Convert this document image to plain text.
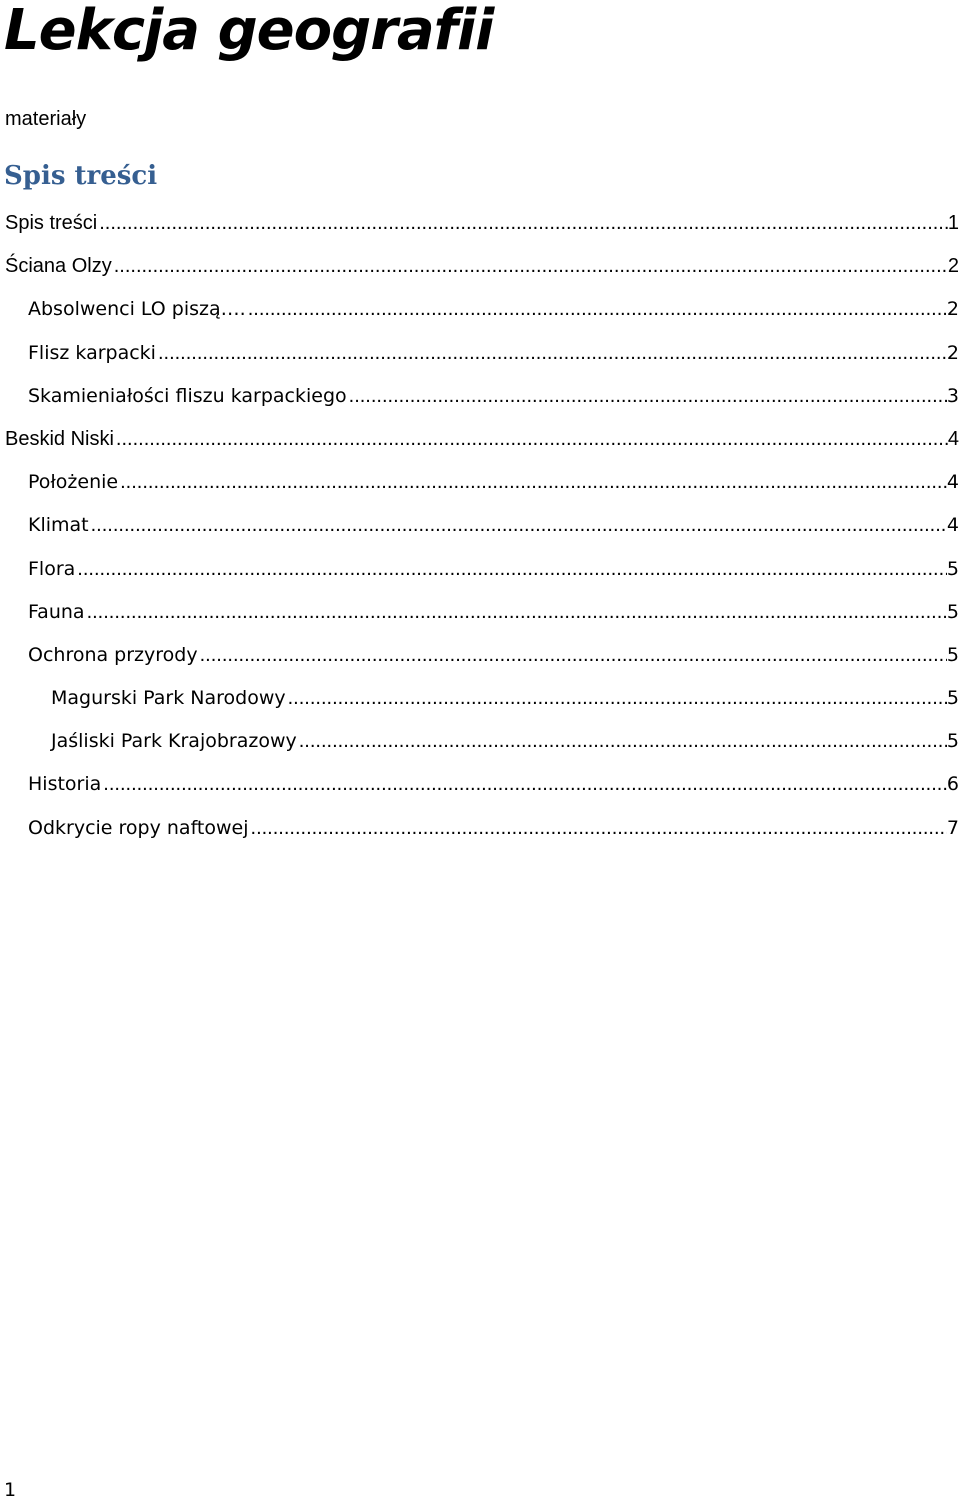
Lekcja geografii

materiały

Spis treści
Spis treści .....	1
Ściana Olzy .....	2
Absolwenci LO piszą…. .....	2
Flisz karpacki .....	2
Skamieniałości fliszu karpackiego .....	3
Beskid Niski .....	4
Położenie .....	4
Klimat .....	4
Flora .....	5
Fauna .....	5
Ochrona przyrody .....	5
Magurski Park Narodowy .....	5
Jaśliski Park Krajobrazowy .....	5
Historia .....	6
Odkrycie ropy naftowej .....	7

1
